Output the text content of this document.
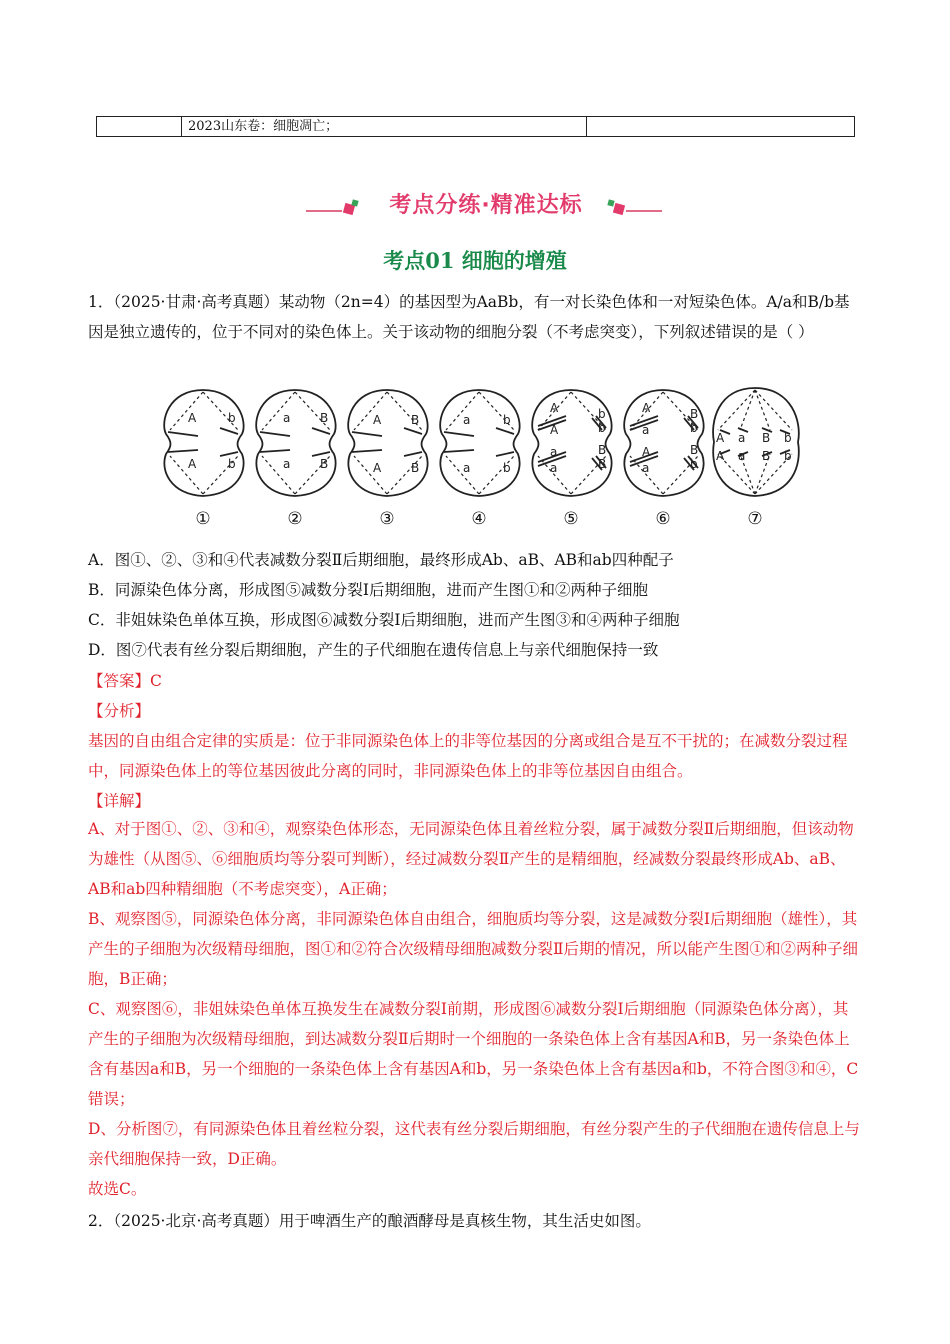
	2023山东卷：细胞凋亡；	
考点分练·精准达标
考点01 细胞的增殖

1．（2025·甘肃·高考真题）某动物（2n=4）的基因型为AaBb，有一对长染色体和一对短染色体。A/a和B/b基因是独立遗传的，位于不同对的染色体上。关于该动物的细胞分裂（不考虑突变），下列叙述错误的是（ ）

A	b
A	b
a B
a B
A B
A B
a	b
a	b
A
A
b
b
a
a	B
B
A
a
B
b
A
a
B
b
A a B b
A a B b
①	②	③	④	⑤	⑥	⑦

A．图①、②、③和④代表减数分裂Ⅱ后期细胞，最终形成Ab、aB、AB和ab四种配子

B．同源染色体分离，形成图⑤减数分裂Ⅰ后期细胞，进而产生图①和②两种子细胞

C．非姐妹染色单体互换，形成图⑥减数分裂Ⅰ后期细胞，进而产生图③和④两种子细胞

D．图⑦代表有丝分裂后期细胞，产生的子代细胞在遗传信息上与亲代细胞保持一致

【答案】C

【分析】

基因的自由组合定律的实质是：位于非同源染色体上的非等位基因的分离或组合是互不干扰的；在减数分裂过程中，同源染色体上的等位基因彼此分离的同时，非同源染色体上的非等位基因自由组合。

【详解】

A、对于图①、②、③和④，观察染色体形态，无同源染色体且着丝粒分裂，属于减数分裂Ⅱ后期细胞，但该动物为雄性（从图⑤、⑥细胞质均等分裂可判断），经过减数分裂Ⅱ产生的是精细胞，经减数分裂最终形成Ab、aB、AB和ab四种精细胞（不考虑突变），A正确；

B、观察图⑤，同源染色体分离，非同源染色体自由组合，细胞质均等分裂，这是减数分裂Ⅰ后期细胞（雄性），其产生的子细胞为次级精母细胞，图①和②符合次级精母细胞减数分裂Ⅱ后期的情况，所以能产生图①和②两种子细胞，B正确；

C、观察图⑥，非姐妹染色单体互换发生在减数分裂Ⅰ前期，形成图⑥减数分裂Ⅰ后期细胞（同源染色体分离），其产生的子细胞为次级精母细胞，到达减数分裂Ⅱ后期时一个细胞的一条染色体上含有基因A和B，另一条染色体上含有基因a和B，另一个细胞的一条染色体上含有基因A和b，另一条染色体上含有基因a和b，不符合图③和④，C错误；

D、分析图⑦，有同源染色体且着丝粒分裂，这代表有丝分裂后期细胞，有丝分裂产生的子代细胞在遗传信息上与亲代细胞保持一致，D正确。

故选C。

2．（2025·北京·高考真题）用于啤酒生产的酿酒酵母是真核生物，其生活史如图。
